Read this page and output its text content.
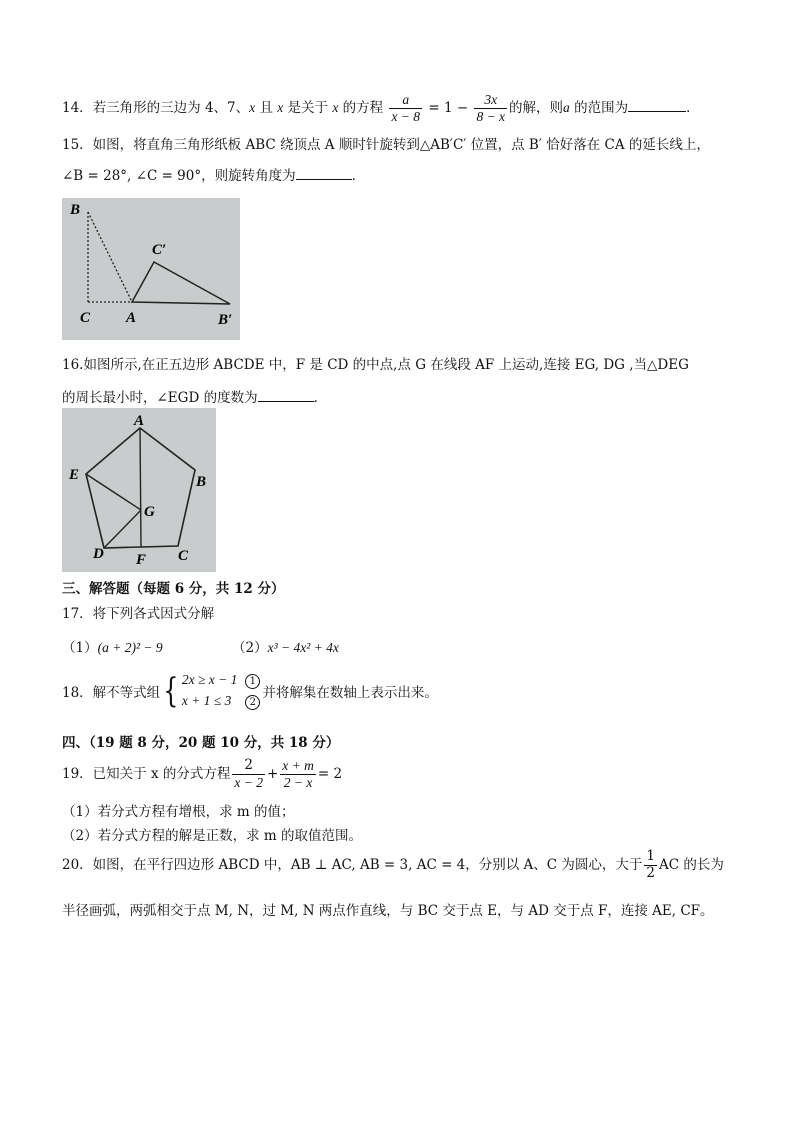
14．若三角形的三边为 4、7、x 且 x 是关于 x 的方程 $\frac{a}{x - 8} = 1 - \frac{3x}{8 - x}$ 的解，则a 的范围为	．
15．如图，将直角三角形纸板 ABC 绕顶点 A 顺时针旋转到△AB′C′ 位置，点 B′ 恰好落在 CA 的延长线上，
∠B = 28°, ∠C = 90°，则旋转角度为	．
B
C′
C A	B′
16.如图所示,在正五边形 ABCDE 中，F 是 CD 的中点,点 G 在线段 AF 上运动,连接 EG, DG ,当△DEG
的周长最小时，∠EGD 的度数为	．
A
B
C
D
E
F
G
三、解答题（每题 6 分，共 12 分）
17．将下列各式因式分解
（1）(a + 2)² − 9	（2）x³ − 4x² + 4x
18．解不等式组{ 2x ≥ x − 1 1
x + 1 ≤ 3 2
并将解集在数轴上表示出来。
四、（19 题 8 分，20 题 10 分，共 18 分）
19．已知关于 x 的分式方程 $\frac{2}{x - 2} + \frac{x + m}{2 - x} = 2$
（1）若分式方程有增根，求 m 的值；
（2）若分式方程的解是正数，求 m 的取值范围。
20．如图，在平行四边形 ABCD 中，AB ⊥ AC, AB = 3, AC = 4，分别以 A、C 为圆心，大于 $\frac{1}{2}$ AC 的长为
半径画弧，两弧相交于点 M, N，过 M, N 两点作直线，与 BC 交于点 E，与 AD 交于点 F，连接 AE, CF。
